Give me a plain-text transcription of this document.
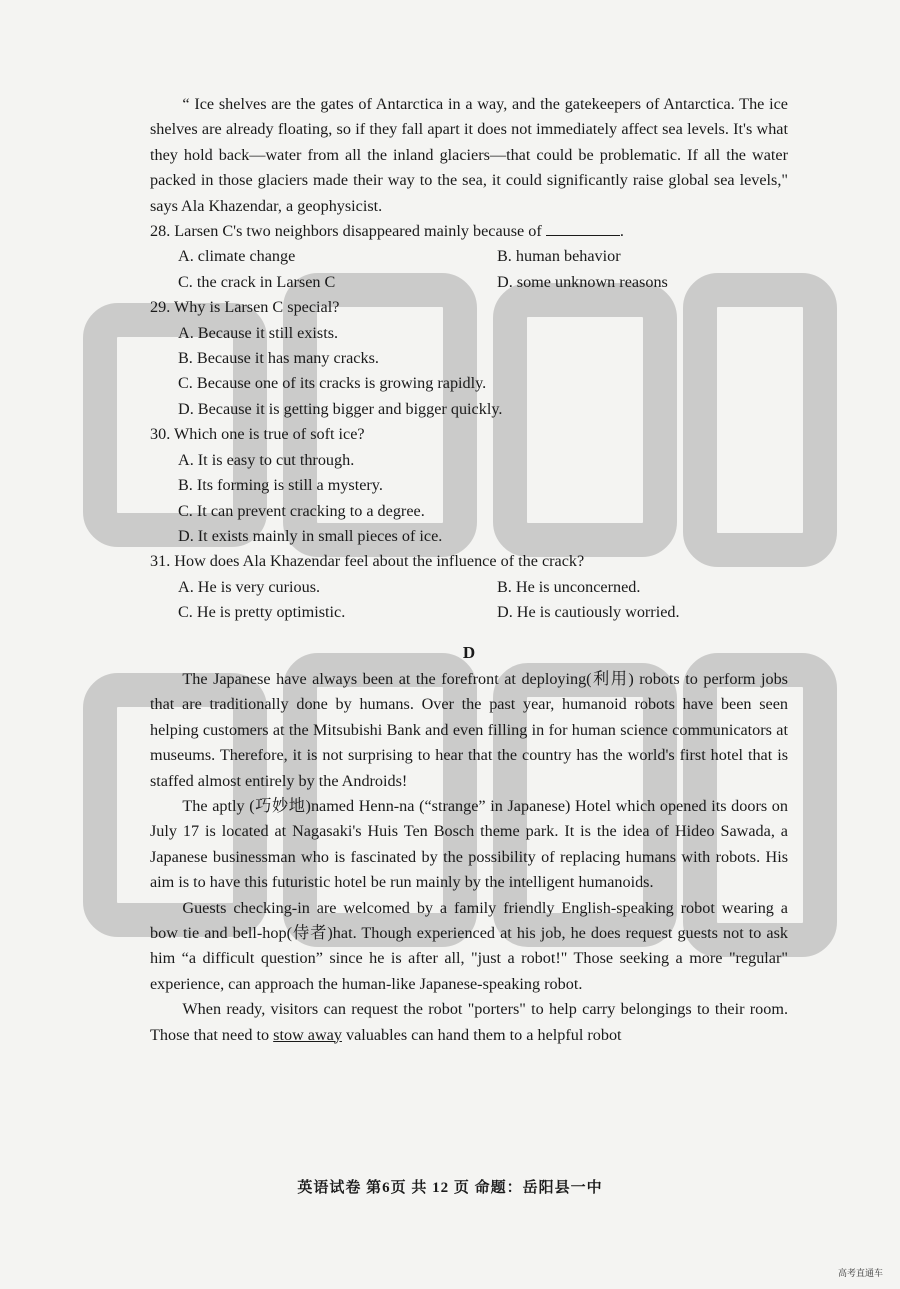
“ Ice shelves are the gates of Antarctica in a way, and the gatekeepers of Antarctica. The ice shelves are already floating, so if they fall apart it does not immediately affect sea levels. It's what they hold back—water from all the inland glaciers—that could be problematic. If all the water packed in those glaciers made their way to the sea, it could significantly raise global sea levels," says Ala Khazendar, a geophysicist.

28. Larsen C's two neighbors disappeared mainly because of	.

A. climate change	B. human behavior
C. the crack in Larsen C	D. some unknown reasons

29. Why is Larsen C special?

A. Because it still exists.

B. Because it has many cracks.

C. Because one of its cracks is growing rapidly.

D. Because it is getting bigger and bigger quickly.

30. Which one is true of soft ice?

A. It is easy to cut through.

B. Its forming is still a mystery.

C. It can prevent cracking to a degree.

D. It exists mainly in small pieces of ice.

31. How does Ala Khazendar feel about the influence of the crack?

A. He is very curious.	B. He is unconcerned.
C. He is pretty optimistic.	D. He is cautiously worried.

D

The Japanese have always been at the forefront at deploying(利用) robots to perform jobs that are traditionally done by humans. Over the past year, humanoid robots have been seen helping customers at the Mitsubishi Bank and even filling in for human science communicators at museums. Therefore, it is not surprising to hear that the country has the world's first hotel that is staffed almost entirely by the Androids!

The aptly (巧妙地)named Henn-na (“strange” in Japanese) Hotel which opened its doors on July 17 is located at Nagasaki's Huis Ten Bosch theme park. It is the idea of Hideo Sawada, a Japanese businessman who is fascinated by the possibility of replacing humans with robots. His aim is to have this futuristic hotel be run mainly by the intelligent humanoids.

Guests checking-in are welcomed by a family friendly English-speaking robot wearing a bow tie and bell-hop(侍者)hat. Though experienced at his job, he does request guests not to ask him “a difficult question” since he is after all, "just a robot!" Those seeking a more "regular" experience, can approach the human-like Japanese-speaking robot.

When ready, visitors can request the robot "porters" to help carry belongings to their room. Those that need to stow away valuables can hand them to a helpful robot

英语试卷 第6页 共 12 页 命题：岳阳县一中
高考直通车
